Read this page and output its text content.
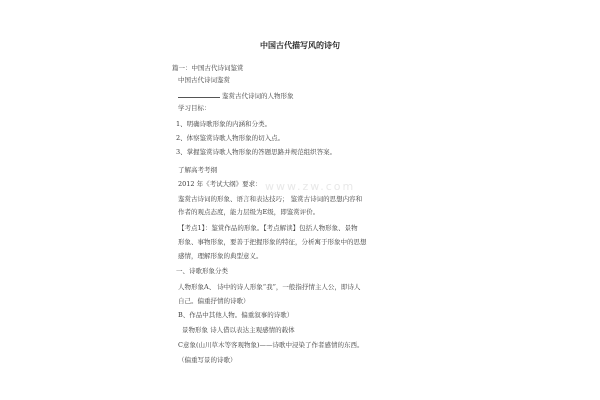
中国古代描写风的诗句
www.zw.com
篇一：中国古代诗词鉴赏
中国古代诗词鉴赏
鉴赏古代诗词的人物形象
学习目标：
1、明确诗歌形象的内涵和分类。
2、体察鉴赏诗歌人物形象的切入点。
3、掌握鉴赏诗歌人物形象的答题思路并规范组织答案。
了解高考考纲
2012 年《考试大纲》要求：
鉴赏古诗词的形象、语言和表达技巧； 鉴赏古诗词的思想内容和
作者的观点态度，能力层级为E级，即鉴赏评价。
【考点1】：鉴赏作品的形象。【考点解读】包括人物形象、景物
形象、事物形象，要善于把握形象的特征，分析寓于形象中的思想
感情，理解形象的典型意义。
一、诗歌形象分类
人物形象A、 诗中的诗人形象“我”，一般指抒情主人公，即诗人
自己。偏重抒情的诗歌）
B、作品中其他人物。偏重叙事的诗歌）
景物形象 诗人借以表达主观感情的载体
C意象(山川草木等客观物象)——诗歌中浸染了作者感情的东西。
（偏重写景的诗歌）
